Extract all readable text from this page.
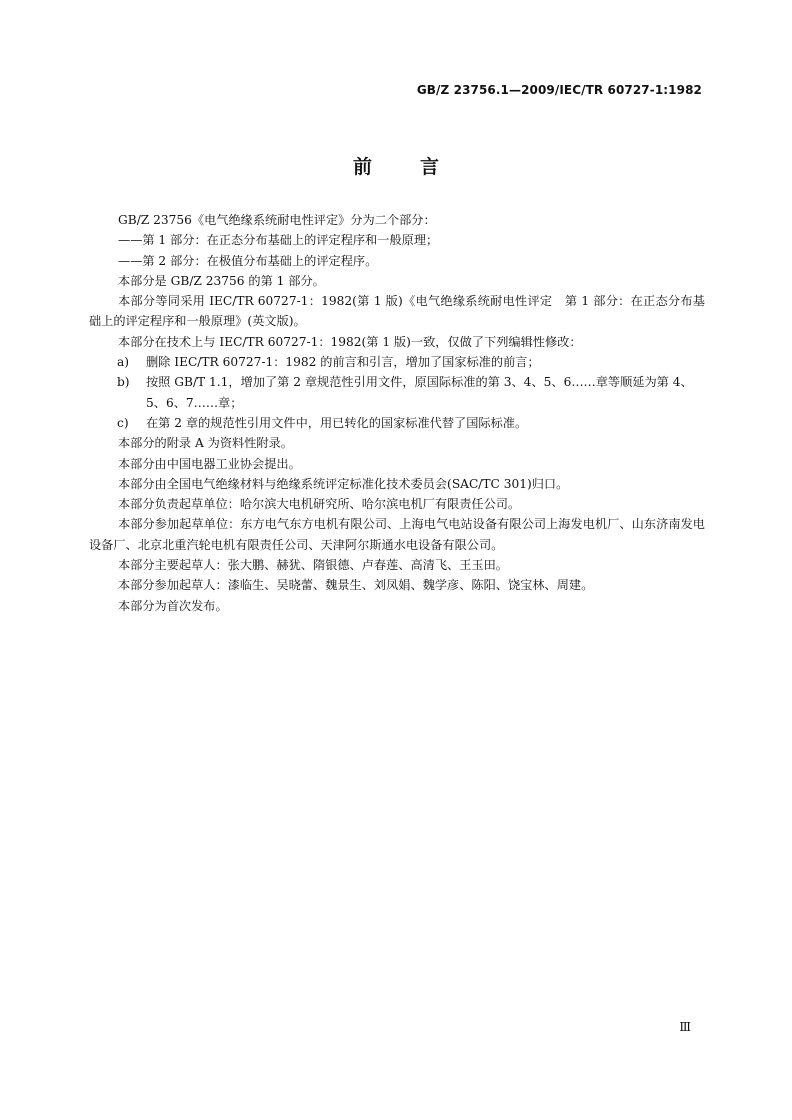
GB/Z 23756.1—2009/IEC/TR 60727-1:1982
前	言

GB/Z 23756《电气绝缘系统耐电性评定》分为二个部分：

——第 1 部分：在正态分布基础上的评定程序和一般原理；

——第 2 部分：在极值分布基础上的评定程序。

本部分是 GB/Z 23756 的第 1 部分。

本部分等同采用 IEC/TR 60727-1：1982(第 1 版)《电气绝缘系统耐电性评定　第 1 部分：在正态分布基础上的评定程序和一般原理》(英文版)。

本部分在技术上与 IEC/TR 60727-1：1982(第 1 版)一致，仅做了下列编辑性修改：

a) 删除 IEC/TR 60727-1：1982 的前言和引言，增加了国家标准的前言；
b) 按照 GB/T 1.1，增加了第 2 章规范性引用文件，原国际标准的第 3、4、5、6……章等顺延为第 4、5、6、7……章；
c) 在第 2 章的规范性引用文件中，用已转化的国家标准代替了国际标准。

本部分的附录 A 为资料性附录。

本部分由中国电器工业协会提出。

本部分由全国电气绝缘材料与绝缘系统评定标准化技术委员会(SAC/TC 301)归口。

本部分负责起草单位：哈尔滨大电机研究所、哈尔滨电机厂有限责任公司。

本部分参加起草单位：东方电气东方电机有限公司、上海电气电站设备有限公司上海发电机厂、山东济南发电设备厂、北京北重汽轮电机有限责任公司、天津阿尔斯通水电设备有限公司。

本部分主要起草人：张大鹏、赫犹、隋银德、卢春莲、高清飞、王玉田。

本部分参加起草人：漆临生、吴晓蕾、魏景生、刘凤娟、魏学彦、陈阳、饶宝林、周建。

本部分为首次发布。

Ⅲ
